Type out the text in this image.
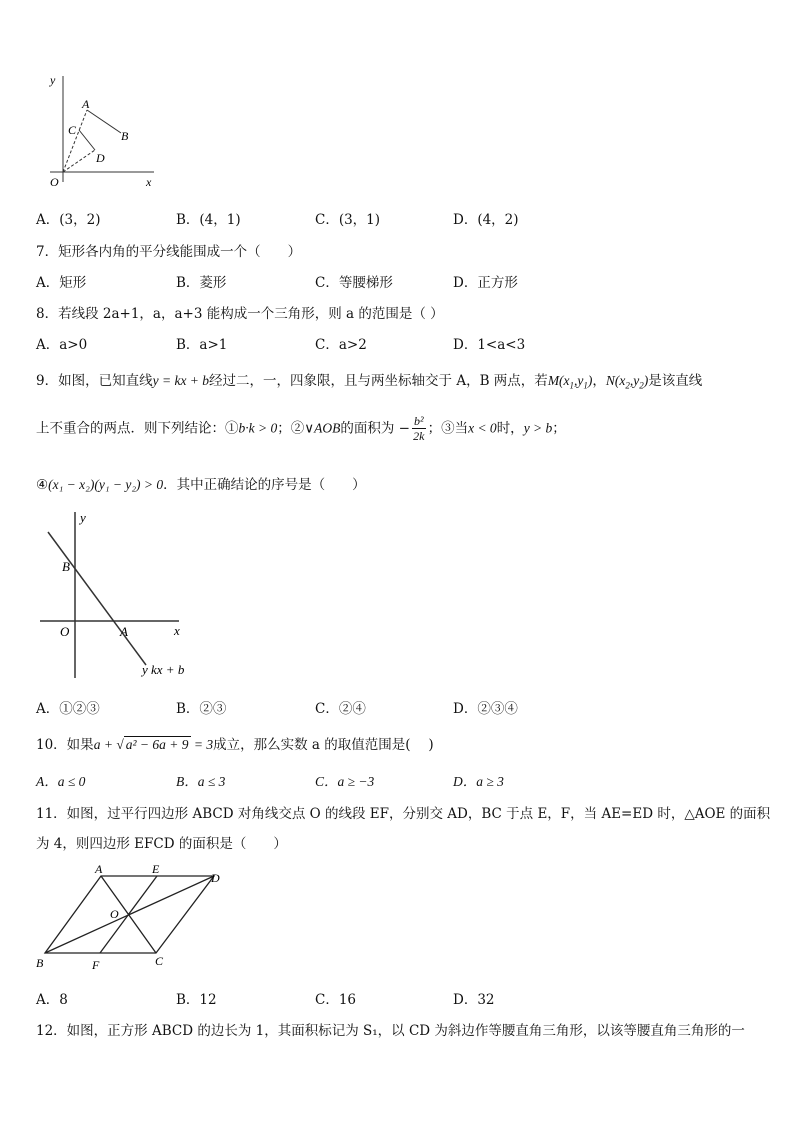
y
A
B
C
D
O	x
A．(3，2)	B．(4，1)	C．(3，1)	D．(4，2)
7．矩形各内角的平分线能围成一个（　　）
A．矩形	B．菱形	C．等腰梯形	D．正方形
8．若线段 2a+1，a，a+3 能构成一个三角形，则 a 的范围是（ ）
A．a>0	B．a>1	C．a>2	D．1<a<3
9．如图，已知直线y = kx + b经过二，一，四象限，且与两坐标轴交于 A，B 两点，若$M(x_1,y_1)$，$N(x_2,y_2)$是该直线
上不重合的两点．则下列结论：①b·k > 0；②∨AOB的面积为 − $\frac{\text{b²}}{2k}$ ；③当x < 0时，y > b；
④(x₁ − x₂)(y₁ − y₂) > 0．其中正确结论的序号是（　　）
y
B
O	A	x
y kx + b
A．①②③	B．②③	C．②④	D．②③④
10．如果a + √ a² − 6a + 9 = 3成立，那么实数 a 的取值范围是(　 )
A．a ≤ 0	B．a ≤ 3	C．a ≥ −3	D．a ≥ 3
11．如图，过平行四边形 ABCD 对角线交点 O 的线段 EF，分别交 AD，BC 于点 E，F，当 AE=ED 时，△AOE 的面积
为 4，则四边形 EFCD 的面积是（　　）
A	E
D
O
B	F	C
A．8	B．12	C．16	D．32
12．如图，正方形 ABCD 的边长为 1，其面积标记为 S₁，以 CD 为斜边作等腰直角三角形，以该等腰直角三角形的一
